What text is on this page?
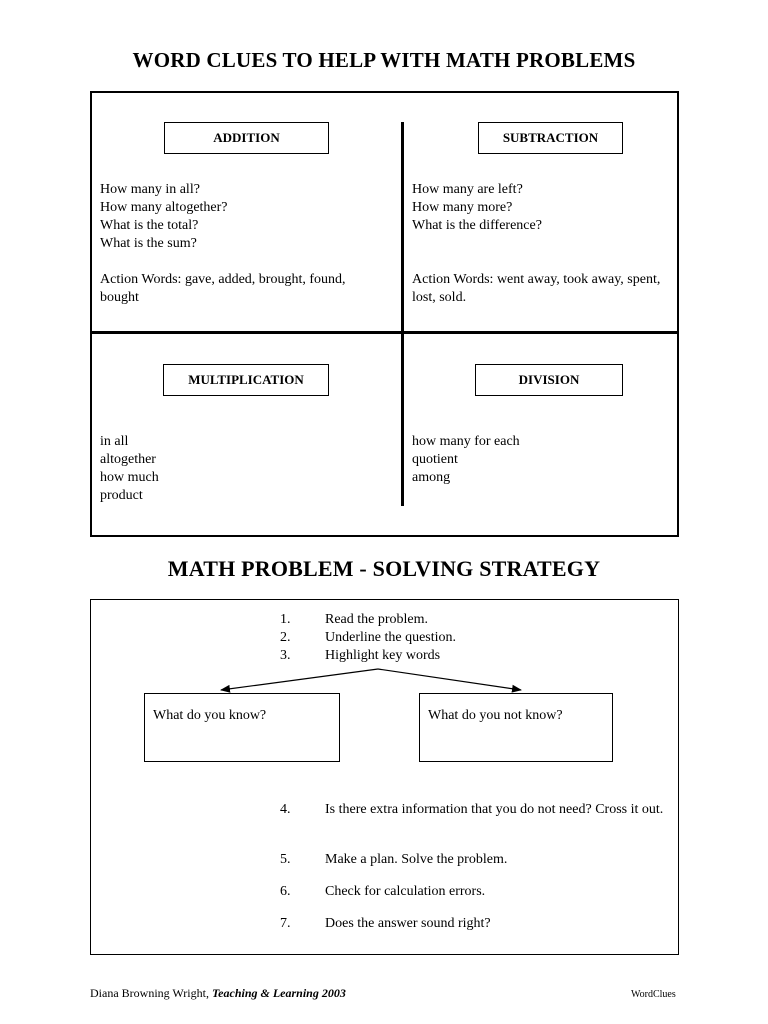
WORD CLUES TO HELP WITH MATH PROBLEMS
ADDITION
How many in all?
How many altogether?
What is the total?
What is the sum?
Action Words: gave, added, brought, found, bought
SUBTRACTION
How many are left?
How many more?
What is the difference?
Action Words: went away, took away, spent, lost, sold.
MULTIPLICATION
in all
altogether
how much
product
DIVISION
how many for each
quotient
among
MATH PROBLEM - SOLVING STRATEGY
1. Read the problem.
2. Underline the question.
3. Highlight key words
What do you know?	What do you not know?
4. Is there extra information that you do not need? Cross it out.
5. Make a plan. Solve the problem.
6. Check for calculation errors.
7. Does the answer sound right?
Diana Browning Wright, Teaching & Learning 2003	WordClues
